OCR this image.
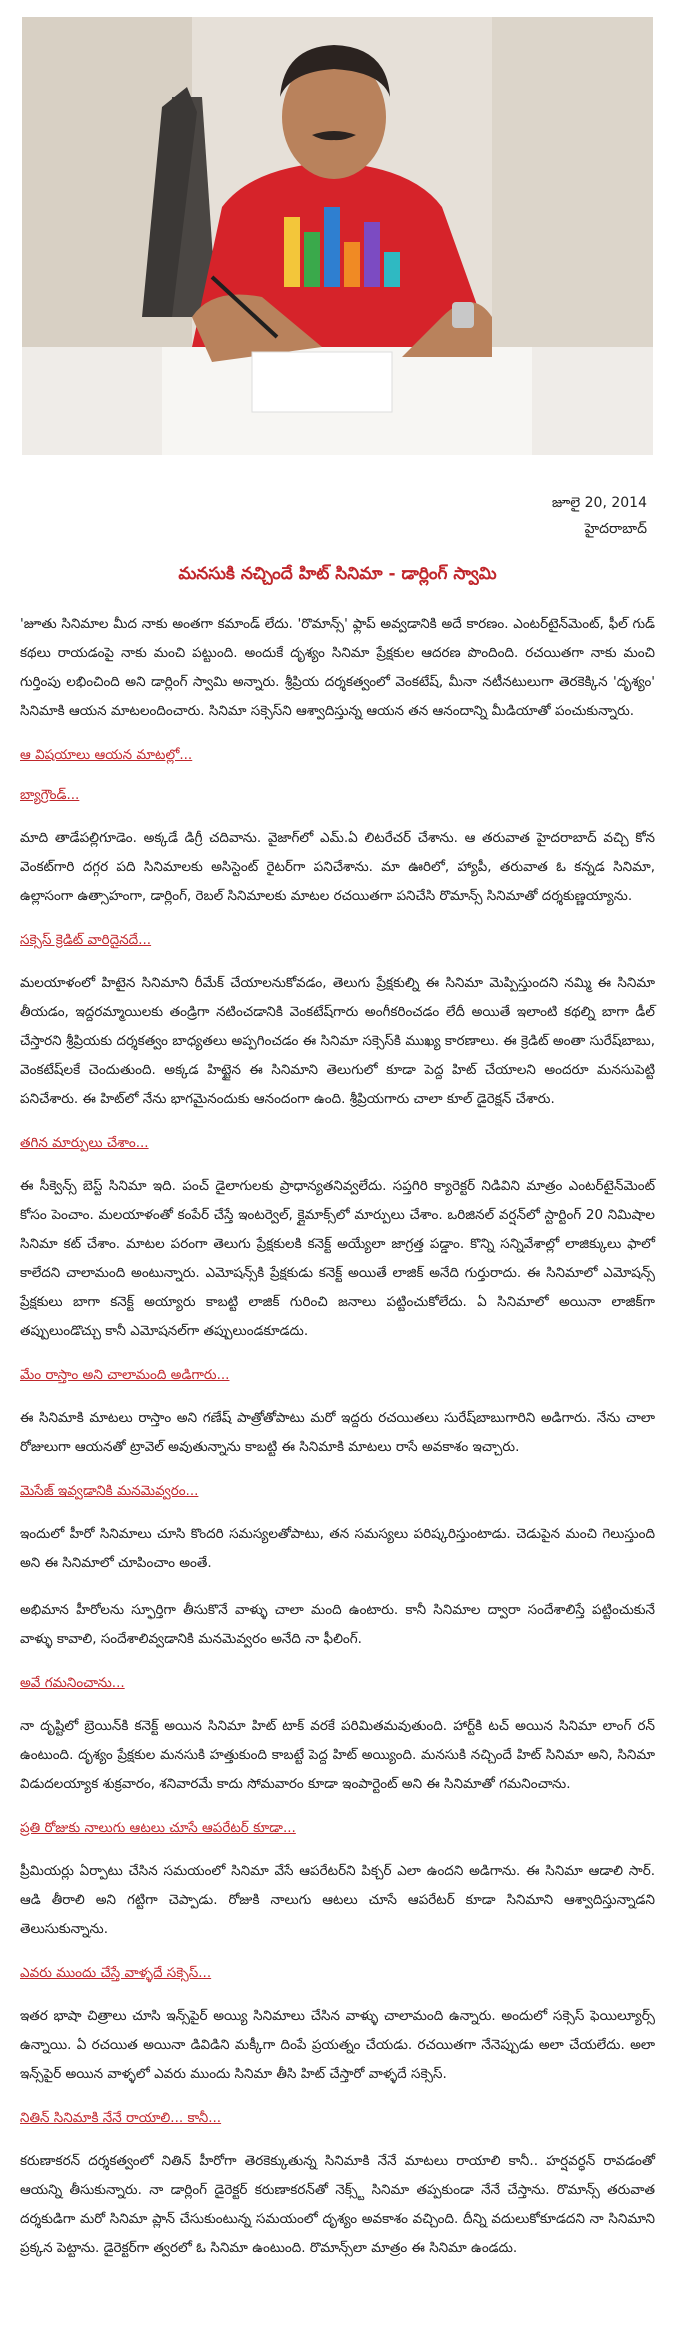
జూలై 20, 2014
హైదరాబాద్
మనసుకి నచ్చిందే హిట్ సినిమా - డార్లింగ్ స్వామి

'జూతు సినిమాల మీద నాకు అంతగా కమాండ్ లేదు. 'రొమాన్స్' ఫ్లాప్ అవ్వడానికి అదే కారణం. ఎంటర్‌టైన్‌మెంట్, ఫీల్ గుడ్ కథలు రాయడంపై నాకు మంచి పట్టుంది. అందుకే దృశ్యం సినిమా ప్రేక్షకుల ఆదరణ పొందింది. రచయితగా నాకు మంచి గుర్తింపు లభించింది అని డార్లింగ్ స్వామి అన్నారు. శ్రీప్రియ దర్శకత్వంలో వెంకటేష్, మీనా నటీనటులుగా తెరకెక్కిన 'దృశ్యం' సినిమాకి ఆయన మాటలందించారు. సినిమా సక్సెస్‌ని ఆశ్వాదిస్తున్న ఆయన తన ఆనందాన్ని మీడియాతో పంచుకున్నారు.

ఆ విషయాలు ఆయన మాటల్లో...
బ్యాగ్రౌండ్...

మాది తాడేపల్లిగూడెం. అక్కడే డిగ్రీ చదివాను. వైజాగ్‌లో ఎమ్.ఏ లిటరేచర్ చేశాను. ఆ తరువాత హైదరాబాద్ వచ్చి కోన వెంకట్‌గారి దగ్గర పది సినిమాలకు అసిస్టెంట్ రైటర్‌గా పనిచేశాను. మా ఊరిలో, హ్యాపీ, తరువాత ఓ కన్నడ సినిమా, ఉల్లాసంగా ఉత్సాహంగా, డార్లింగ్, రెబల్ సినిమాలకు మాటల రచయితగా పనిచేసి రొమాన్స్ సినిమాతో దర్శకుణ్ణయ్యాను.

సక్సెస్ క్రెడిట్ వారిదైనదే...

మలయాళంలో హిటైన సినిమాని రీమేక్ చేయాలనుకోవడం, తెలుగు ప్రేక్షకుల్ని ఈ సినిమా మెప్పిస్తుందని నమ్మి ఈ సినిమా తీయడం, ఇద్దరమ్మాయిలకు తండ్రిగా నటించడానికి వెంకటేష్‌గారు అంగీకరించడం లేదీ అయితే ఇలాంటి కథల్ని బాగా డీల్ చేస్తారని శ్రీప్రియకు దర్శకత్వం బాధ్యతలు అప్పగించడం ఈ సినిమా సక్సెస్‌కి ముఖ్య కారణాలు. ఈ క్రెడిట్ అంతా సురేష్‌బాబు, వెంకటేష్‌లకే చెందుతుంది. అక్కడ హిట్టైన ఈ సినిమాని తెలుగులో కూడా పెద్ద హిట్ చేయాలని అందరూ మనసుపెట్టి పనిచేశారు. ఈ హిట్‌లో నేను భాగమైనందుకు ఆనందంగా ఉంది. శ్రీప్రియగారు చాలా కూల్ డైరెక్షన్ చేశారు.

తగిన మార్పులు చేశాం...

ఈ సీక్వెన్స్ బెస్ట్ సినిమా ఇది. పంచ్ డైలాగులకు ప్రాధాన్యతనివ్వలేదు. సప్తగిరి క్యారెక్టర్ నిడివిని మాత్రం ఎంటర్‌టైన్‌మెంట్ కోసం పెంచాం. మలయాళంతో కంపేర్ చేస్తే ఇంటర్వెల్, క్లైమాక్స్‌లో మార్పులు చేశాం. ఒరిజినల్ వర్షన్‌లో స్టార్టింగ్ 20 నిమిషాల సినిమా కట్ చేశాం. మాటల పరంగా తెలుగు ప్రేక్షకులకి కనెక్ట్ అయ్యేలా జాగ్రత్త పడ్డాం. కొన్ని సన్నివేశాల్లో లాజిక్కులు ఫాలో కాలేదని చాలామంది అంటున్నారు. ఎమోషన్స్‌కి ప్రేక్షకుడు కనెక్ట్ అయితే లాజిక్ అనేది గుర్తురాదు. ఈ సినిమాలో ఎమోషన్స్ ప్రేక్షకులు బాగా కనెక్ట్ అయ్యారు కాబట్టి లాజిక్ గురించి జనాలు పట్టించుకోలేదు. ఏ సినిమాలో అయినా లాజిక్‌గా తప్పులుండొచ్చు కానీ ఎమోషనల్‌గా తప్పులుండకూడదు.

మేం రాస్తాం అని చాలామంది అడిగారు...

ఈ సినిమాకి మాటలు రాస్తాం అని గణేష్ పాత్రోతోపాటు మరో ఇద్దరు రచయితలు సురేష్‌బాబుగారిని అడిగారు. నేను చాలా రోజులుగా ఆయనతో ట్రావెల్ అవుతున్నాను కాబట్టి ఈ సినిమాకి మాటలు రాసే అవకాశం ఇచ్చారు.

మెసేజ్ ఇవ్వడానికి మనమెవ్వరం...

ఇందులో హీరో సినిమాలు చూసి కొందరి సమస్యలతోపాటు, తన సమస్యలు పరిష్కరిస్తుంటాడు. చెడుపైన మంచి గెలుస్తుంది అని ఈ సినిమాలో చూపించాం అంతే.

అభిమాన హీరోలను స్ఫూర్తిగా తీసుకొనే వాళ్ళు చాలా మంది ఉంటారు. కానీ సినిమాల ద్వారా సందేశాలిస్తే పట్టించుకునే వాళ్ళు కావాలి, సందేశాలివ్వడానికి మనమెవ్వరం అనేది నా ఫీలింగ్.

అవే గమనించాను...

నా దృష్టిలో బ్రెయిన్‌కి కనెక్ట్ అయిన సినిమా హిట్ టాక్ వరకే పరిమితమవుతుంది. హార్ట్‌కి టచ్ అయిన సినిమా లాంగ్ రన్ ఉంటుంది. దృశ్యం ప్రేక్షకుల మనసుకి హత్తుకుంది కాబట్టే పెద్ద హిట్ అయ్యింది. మనసుకి నచ్చిందే హిట్ సినిమా అని, సినిమా విడుదలయ్యాక శుక్రవారం, శనివారమే కాదు సోమవారం కూడా ఇంపార్టెంట్ అని ఈ సినిమాతో గమనించాను.

ప్రతి రోజుకు నాలుగు ఆటలు చూసే ఆపరేటర్ కూడా...

ప్రీమియర్లు ఏర్పాటు చేసిన సమయంలో సినిమా వేసే ఆపరేటర్‌ని పిక్చర్ ఎలా ఉందని అడిగాను. ఈ సినిమా ఆడాలి సార్. ఆడి తీరాలి అని గట్టిగా చెప్పాడు. రోజుకి నాలుగు ఆటలు చూసే ఆపరేటర్ కూడా సినిమాని ఆశ్వాదిస్తున్నాడని తెలుసుకున్నాను.

ఎవరు ముందు చేస్తే వాళ్ళదే సక్సెస్...

ఇతర భాషా చిత్రాలు చూసి ఇన్స్‌పైర్ అయ్యి సినిమాలు చేసిన వాళ్ళు చాలామంది ఉన్నారు. అందులో సక్సెస్ ఫెయిల్యూర్స్ ఉన్నాయి. ఏ రచయిత అయినా డివిడిని మక్కీగా దింపే ప్రయత్నం చేయడు. రచయితగా నేనెప్పుడు అలా చేయలేదు. అలా ఇన్స్‌పైర్ అయిన వాళ్ళలో ఎవరు ముందు సినిమా తీసి హిట్ చేస్తారో వాళ్ళదే సక్సెస్.

నితిన్ సినిమాకి నేనే రాయాలి... కానీ...

కరుణాకరన్ దర్శకత్వంలో నితిన్ హీరోగా తెరకెక్కుతున్న సినిమాకి నేనే మాటలు రాయాలి కానీ.. హర్షవర్ధన్ రావడంతో ఆయన్ని తీసుకున్నారు. నా డార్లింగ్ డైరెక్టర్ కరుణాకరన్‌తో నెక్స్ట్ సినిమా తప్పకుండా నేనే చేస్తాను. రొమాన్స్ తరువాత దర్శకుడిగా మరో సినిమా ప్లాన్ చేసుకుంటున్న సమయంలో దృశ్యం అవకాశం వచ్చింది. దీన్ని వదులుకోకూడదని నా సినిమాని ప్రక్కన పెట్టాను. డైరెక్టర్‌గా త్వరలో ఓ సినిమా ఉంటుంది. రొమాన్స్‌లా మాత్రం ఈ సినిమా ఉండదు.
